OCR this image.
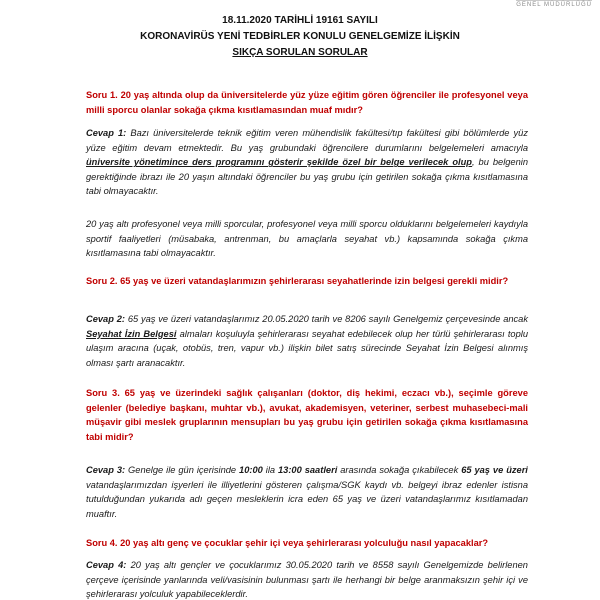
GENEL MÜDÜRLÜĞÜ
18.11.2020 TARİHLİ 19161 SAYILI
KORONAVİRÜS YENİ TEDBİRLER KONULU GENELGEMİZE İLİŞKİN
SIKÇA SORULAN SORULAR
Soru 1. 20 yaş altında olup da üniversitelerde yüz yüze eğitim gören öğrenciler ile profesyonel veya milli sporcu olanlar sokağa çıkma kısıtlamasından muaf mıdır?
Cevap 1: Bazı üniversitelerde teknik eğitim veren mühendislik fakültesi/tıp fakültesi gibi bölümlerde yüz yüze eğitim devam etmektedir. Bu yaş grubundaki öğrencilere durumlarını belgelemeleri amacıyla üniversite yönetimince ders programını gösterir şekilde özel bir belge verilecek olup, bu belgenin gerektiğinde ibrazı ile 20 yaşın altındaki öğrenciler bu yaş grubu için getirilen sokağa çıkma kısıtlamasına tabi olmayacaktır.
20 yaş altı profesyonel veya milli sporcular, profesyonel veya milli sporcu olduklarını belgelemeleri kaydıyla sportif faaliyetleri (müsabaka, antrenman, bu amaçlarla seyahat vb.) kapsamında sokağa çıkma kısıtlamasına tabi olmayacaktır.
Soru 2. 65 yaş ve üzeri vatandaşlarımızın şehirlerarası seyahatlerinde izin belgesi gerekli midir?
Cevap 2: 65 yaş ve üzeri vatandaşlarımız 20.05.2020 tarih ve 8206 sayılı Genelgemiz çerçevesinde ancak Seyahat İzin Belgesi almaları koşuluyla şehirlerarası seyahat edebilecek olup her türlü şehirlerarası toplu ulaşım aracına (uçak, otobüs, tren, vapur vb.) ilişkin bilet satış sürecinde Seyahat İzin Belgesi alınmış olması şartı aranacaktır.
Soru 3. 65 yaş ve üzerindeki sağlık çalışanları (doktor, diş hekimi, eczacı vb.), seçimle göreve gelenler (belediye başkanı, muhtar vb.), avukat, akademisyen, veteriner, serbest muhasebeci-mali müşavir gibi meslek gruplarının mensupları bu yaş grubu için getirilen sokağa çıkma kısıtlamasına tabi midir?
Cevap 3: Genelge ile gün içerisinde 10:00 ila 13:00 saatleri arasında sokağa çıkabilecek 65 yaş ve üzeri vatandaşlarımızdan işyerleri ile illiyetlerini gösteren çalışma/SGK kaydı vb. belgeyi ibraz edenler istisna tutulduğundan yukarıda adı geçen mesleklerin icra eden 65 yaş ve üzeri vatandaşlarımız kısıtlamadan muaftır.
Soru 4. 20 yaş altı genç ve çocuklar şehir içi veya şehirlerarası yolculuğu nasıl yapacaklar?
Cevap 4: 20 yaş altı gençler ve çocuklarımız 30.05.2020 tarih ve 8558 sayılı Genelgemizde belirlenen çerçeve içerisinde yanlarında veli/vasisinin bulunması şartı ile herhangi bir belge aranmaksızın şehir içi ve şehirlerarası yolculuk yapabileceklerdir.
